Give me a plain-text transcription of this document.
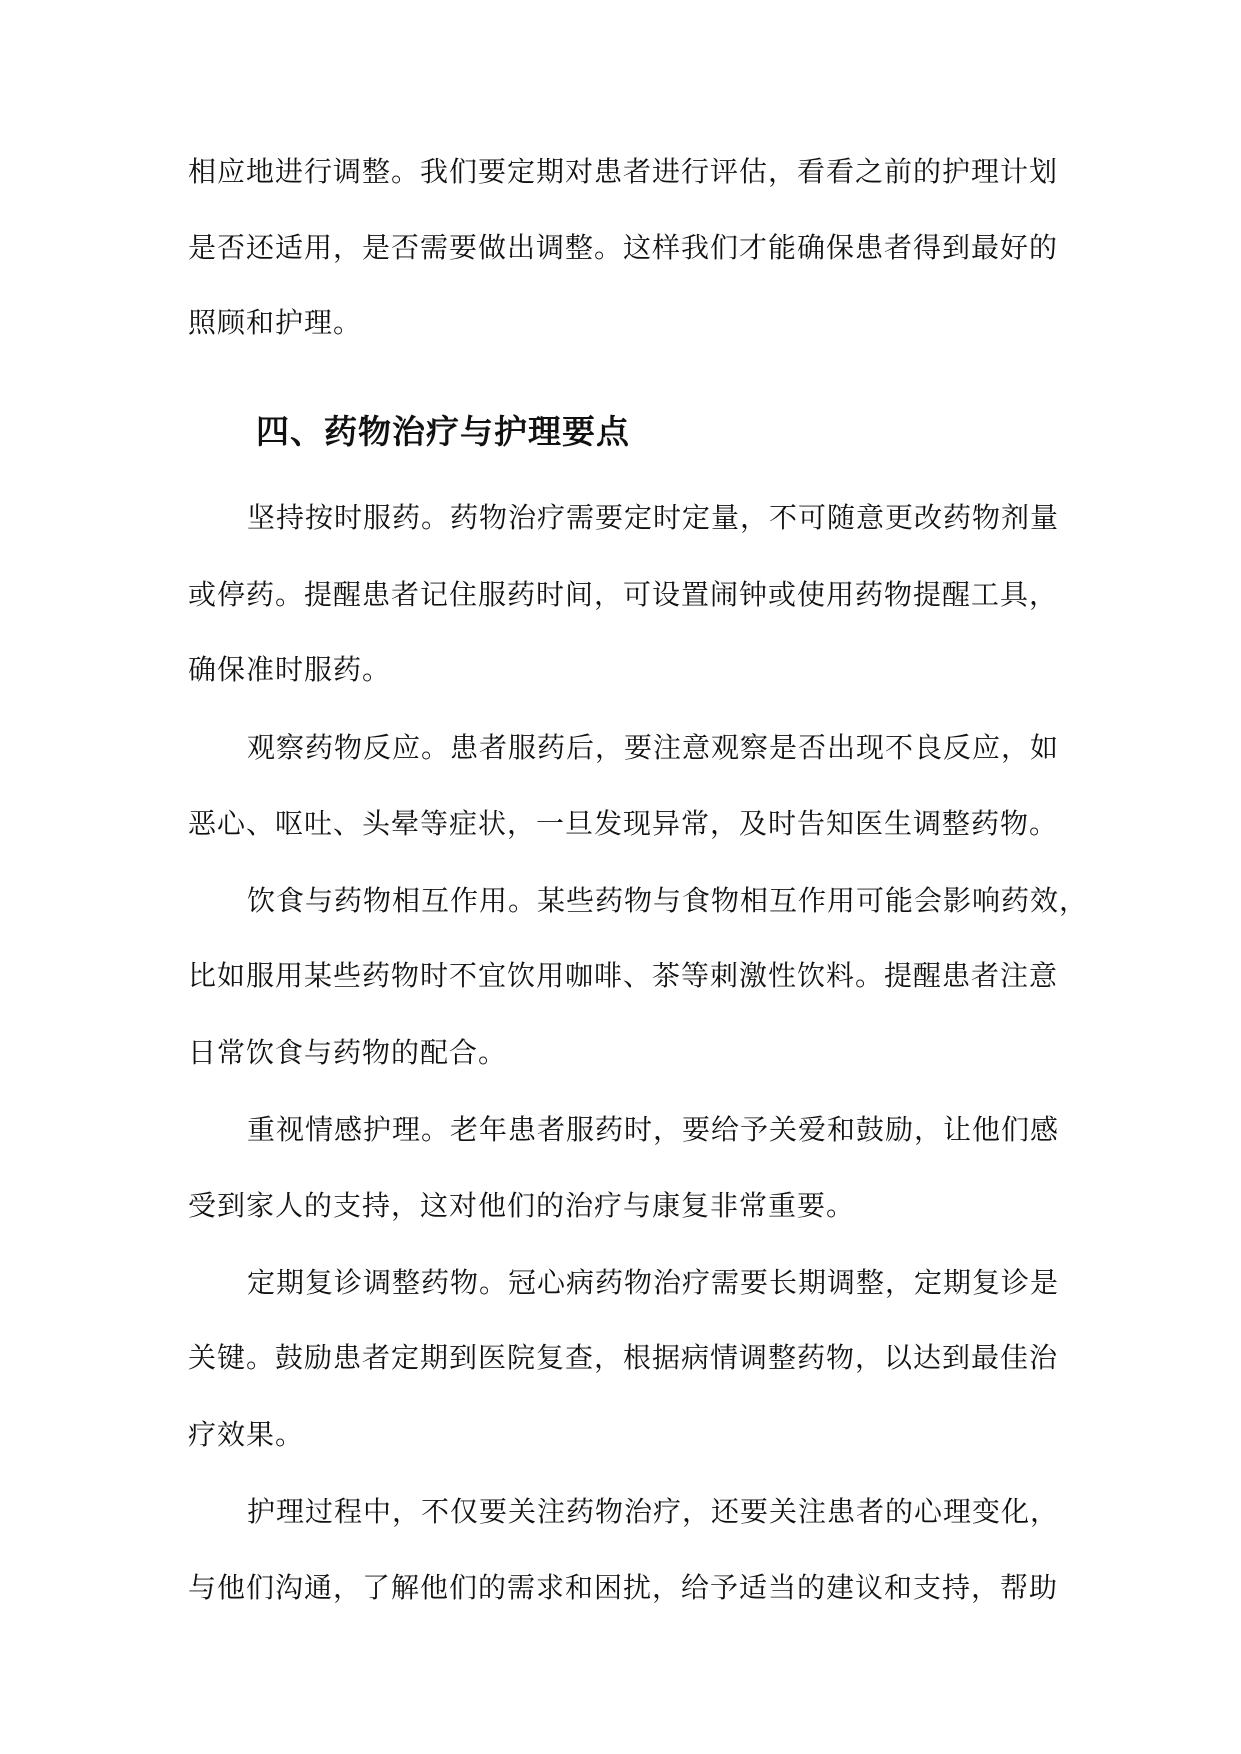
相应地进行调整。我们要定期对患者进行评估，看看之前的护理计划
是否还适用，是否需要做出调整。这样我们才能确保患者得到最好的
照顾和护理。
四、药物治疗与护理要点
坚持按时服药。药物治疗需要定时定量，不可随意更改药物剂量
或停药。提醒患者记住服药时间，可设置闹钟或使用药物提醒工具，
确保准时服药。
观察药物反应。患者服药后，要注意观察是否出现不良反应，如
恶心、呕吐、头晕等症状，一旦发现异常，及时告知医生调整药物。
饮食与药物相互作用。某些药物与食物相互作用可能会影响药效，
比如服用某些药物时不宜饮用咖啡、茶等刺激性饮料。提醒患者注意
日常饮食与药物的配合。
重视情感护理。老年患者服药时，要给予关爱和鼓励，让他们感
受到家人的支持，这对他们的治疗与康复非常重要。
定期复诊调整药物。冠心病药物治疗需要长期调整，定期复诊是
关键。鼓励患者定期到医院复查，根据病情调整药物，以达到最佳治
疗效果。
护理过程中，不仅要关注药物治疗，还要关注患者的心理变化，
与他们沟通，了解他们的需求和困扰，给予适当的建议和支持，帮助
